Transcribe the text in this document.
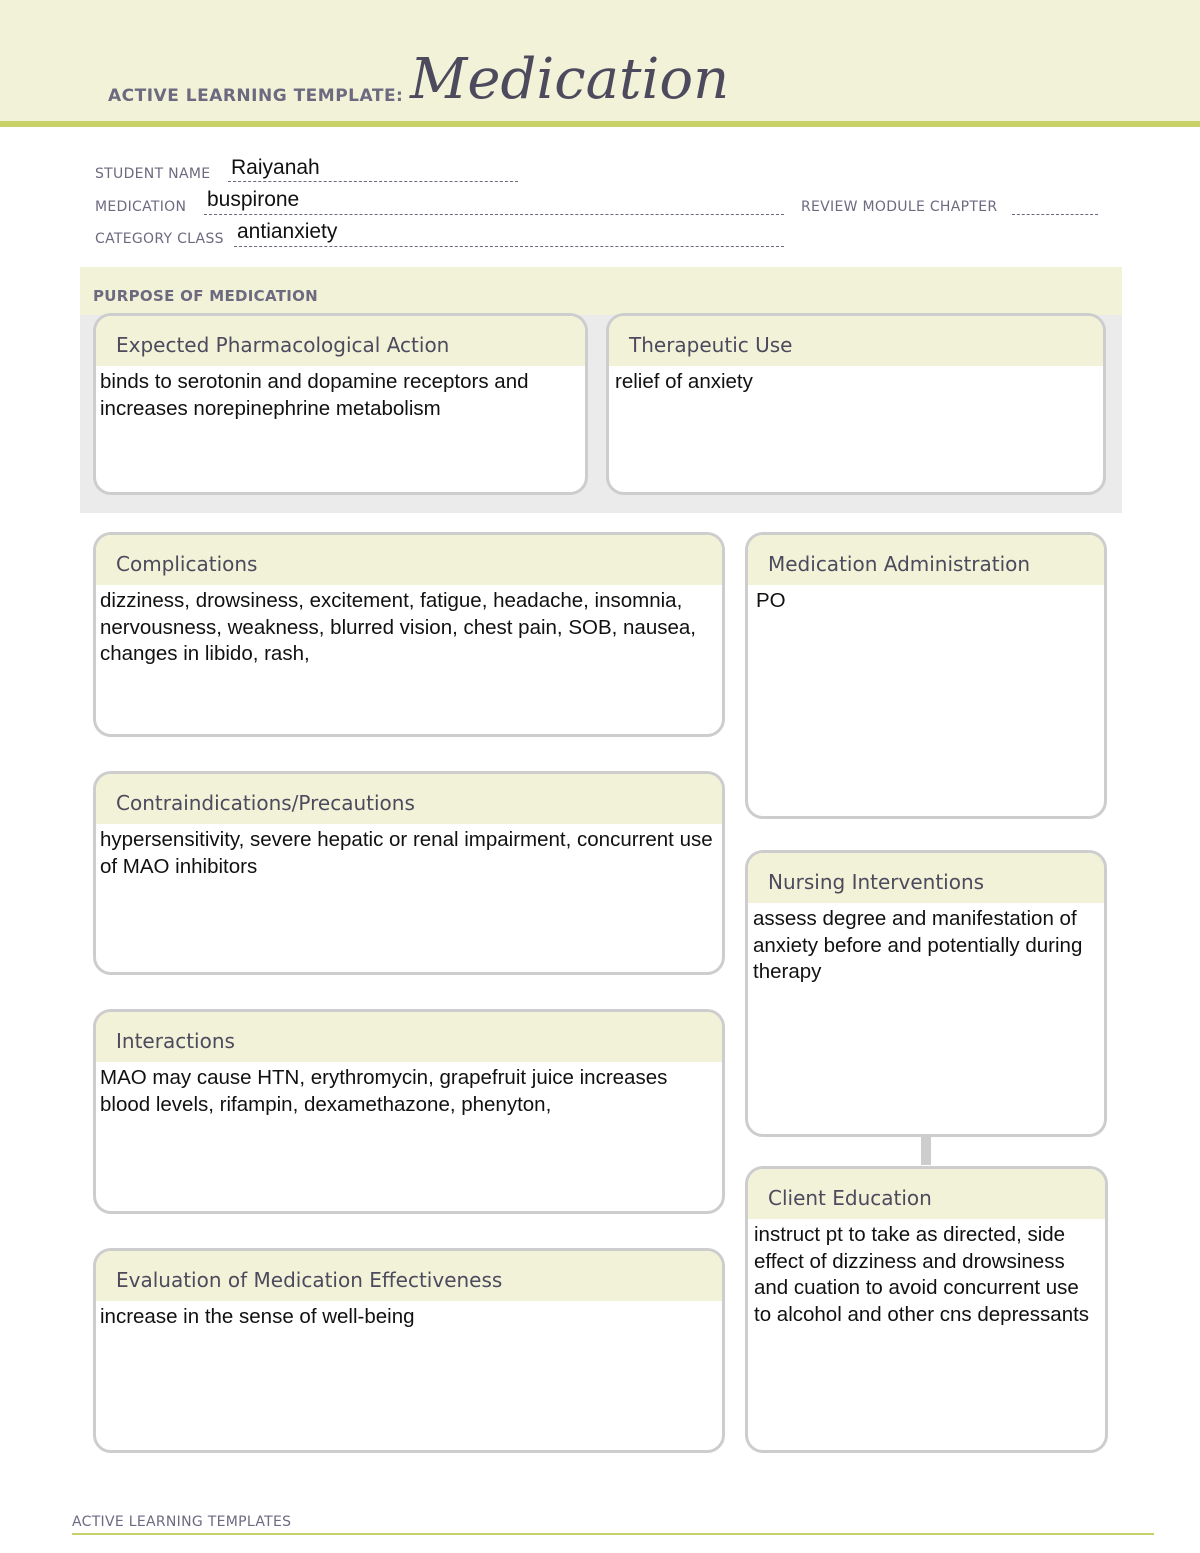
ACTIVE LEARNING TEMPLATE: Medication
STUDENT NAME Raiyanah
MEDICATION buspirone	REVIEW MODULE CHAPTER
CATEGORY CLASS antianxiety
PURPOSE OF MEDICATION
Expected Pharmacological Action
binds to serotonin and dopamine receptors and increases norepinephrine metabolism
Therapeutic Use
relief of anxiety
Complications
dizziness, drowsiness, excitement, fatigue, headache, insomnia, nervousness, weakness, blurred vision, chest pain, SOB, nausea, changes in libido, rash,
Contraindications/Precautions
hypersensitivity, severe hepatic or renal impairment, concurrent use of MAO inhibitors
Interactions
MAO may cause HTN, erythromycin, grapefruit juice increases blood levels, rifampin, dexamethazone, phenyton,
Evaluation of Medication Effectiveness
increase in the sense of well-being
Medication Administration
PO
Nursing Interventions
assess degree and manifestation of anxiety before and potentially during therapy
Client Education
instruct pt to take as directed, side effect of dizziness and drowsiness and cuation to avoid concurrent use to alcohol and other cns depressants
ACTIVE LEARNING TEMPLATES
